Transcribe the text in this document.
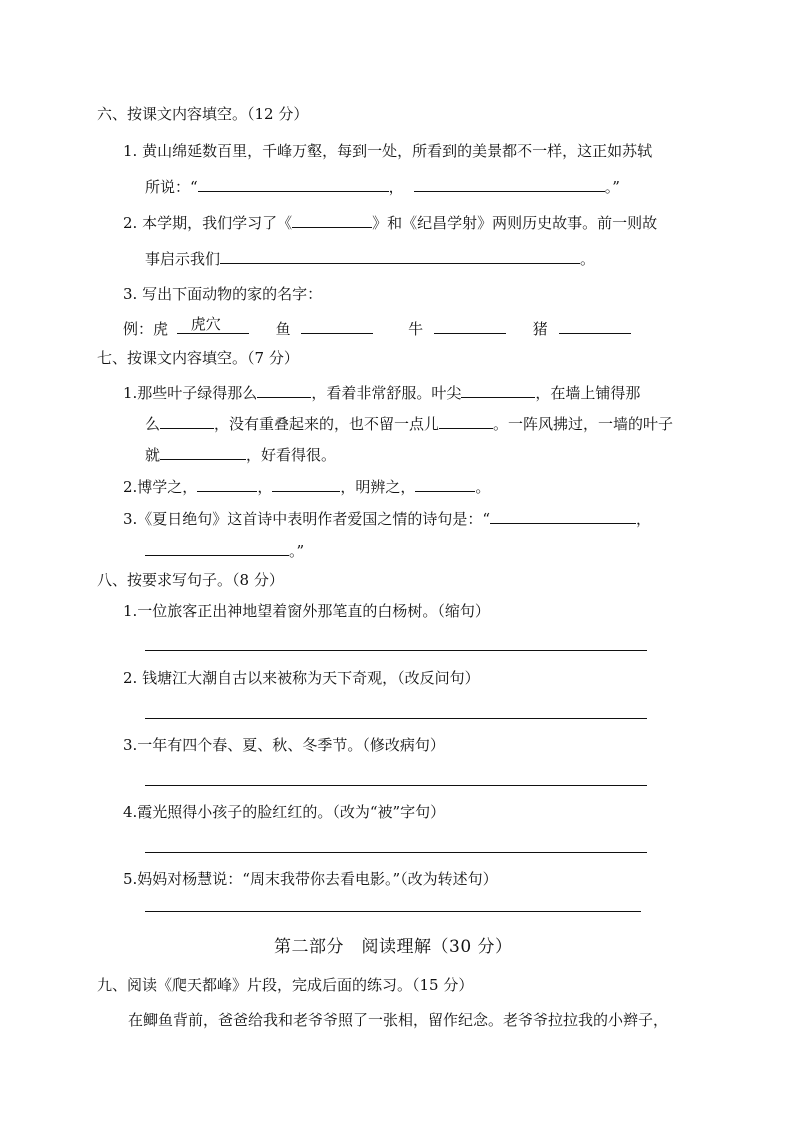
六、按课文内容填空。（12 分）
1. 黄山绵延数百里，千峰万壑，每到一处，所看到的美景都不一样，这正如苏轼
所说：“	，	。”
2. 本学期，我们学习了《	》和《纪昌学射》两则历史故事。前一则故
事启示我们	。
3. 写出下面动物的家的名字：
例：虎 虎穴	鱼	牛	猪
七、按课文内容填空。（7 分）
1.那些叶子绿得那么	，看着非常舒服。叶尖	，在墙上铺得那
么	，没有重叠起来的，也不留一点儿	。一阵风拂过，一墙的叶子
就	，好看得很。
2.博学之，	，	，明辨之，	。
3.《夏日绝句》这首诗中表明作者爱国之情的诗句是：“	，
。”
八、按要求写句子。（8 分）
1.一位旅客正出神地望着窗外那笔直的白杨树。（缩句）
2. 钱塘江大潮自古以来被称为天下奇观，（改反问句）
3.一年有四个春、夏、秋、冬季节。（修改病句）
4.霞光照得小孩子的脸红红的。（改为“被”字句）
5.妈妈对杨慧说：“周末我带你去看电影。”（改为转述句）
第二部分　阅读理解（30 分）
九、阅读《爬天都峰》片段，完成后面的练习。（15 分）
在鲫鱼背前，爸爸给我和老爷爷照了一张相，留作纪念。老爷爷拉拉我的小辫子，
